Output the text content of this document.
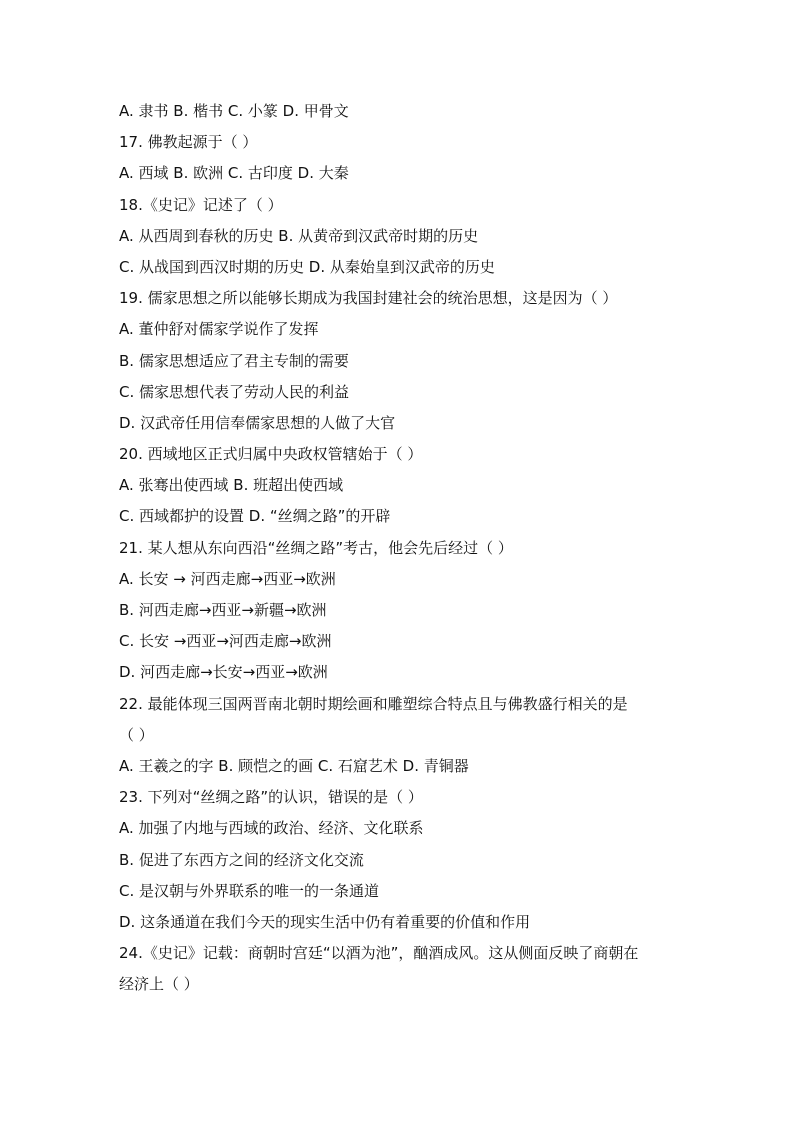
A. 隶书 B. 楷书 C. 小篆 D. 甲骨文
17. 佛教起源于（ ）
A. 西域 B. 欧洲 C. 古印度 D. 大秦
18.《史记》记述了（ ）
A. 从西周到春秋的历史 B. 从黄帝到汉武帝时期的历史
C. 从战国到西汉时期的历史 D. 从秦始皇到汉武帝的历史
19. 儒家思想之所以能够长期成为我国封建社会的统治思想，这是因为（ ）
A. 董仲舒对儒家学说作了发挥
B. 儒家思想适应了君主专制的需要
C. 儒家思想代表了劳动人民的利益
D. 汉武帝任用信奉儒家思想的人做了大官
20. 西域地区正式归属中央政权管辖始于（ ）
A. 张骞出使西域 B. 班超出使西域
C. 西域都护的设置 D. “丝绸之路”的开辟
21. 某人想从东向西沿“丝绸之路”考古，他会先后经过（ ）
A. 长安 → 河西走廊→西亚→欧洲
B. 河西走廊→西亚→新疆→欧洲
C. 长安 →西亚→河西走廊→欧洲
D. 河西走廊→长安→西亚→欧洲
22. 最能体现三国两晋南北朝时期绘画和雕塑综合特点且与佛教盛行相关的是
（ ）
A. 王羲之的字 B. 顾恺之的画 C. 石窟艺术 D. 青铜器
23. 下列对“丝绸之路”的认识，错误的是（ ）
A. 加强了内地与西域的政治、经济、文化联系
B. 促进了东西方之间的经济文化交流
C. 是汉朝与外界联系的唯一的一条通道
D. 这条通道在我们今天的现实生活中仍有着重要的价值和作用
24.《史记》记载：商朝时宫廷“以酒为池”，酗酒成风。这从侧面反映了商朝在
经济上（ ）
